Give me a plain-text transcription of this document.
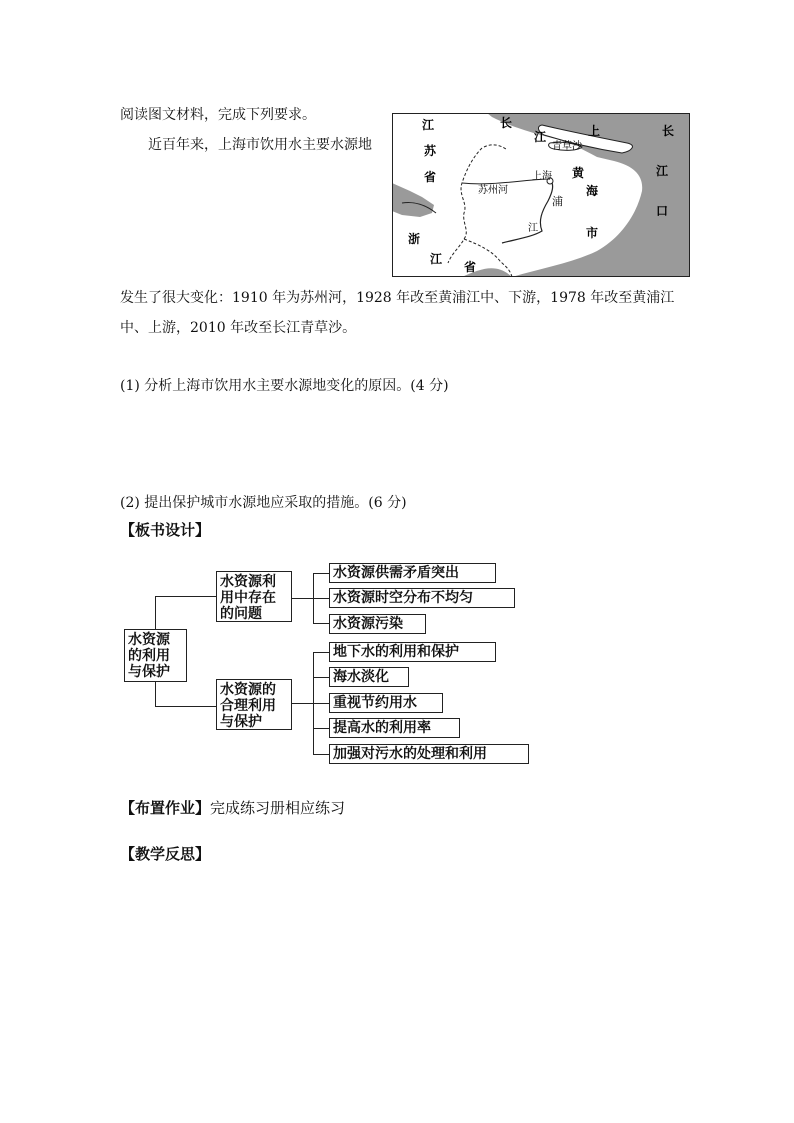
阅读图文材料，完成下列要求。
近百年来，上海市饮用水主要水源地
江
苏
省
长
江	上	长
江
口
青草沙
上海 黄
海
苏州河
浦
江	市
浙
江
省
发生了很大变化：1910 年为苏州河，1928 年改至黄浦江中、下游，1978 年改至黄浦江
中、上游，2010 年改至长江青草沙。
(1) 分析上海市饮用水主要水源地变化的原因。(4 分)
(2) 提出保护城市水源地应采取的措施。(6 分)
【板书设计】
水资源
的利用
与保护
水资源利
用中存在
的问题
水资源供需矛盾突出
水资源时空分布不均匀
水资源污染
水资源的
合理利用
与保护
地下水的利用和保护
海水淡化
重视节约用水
提高水的利用率
加强对污水的处理和利用
【布置作业】完成练习册相应练习
【教学反思】
